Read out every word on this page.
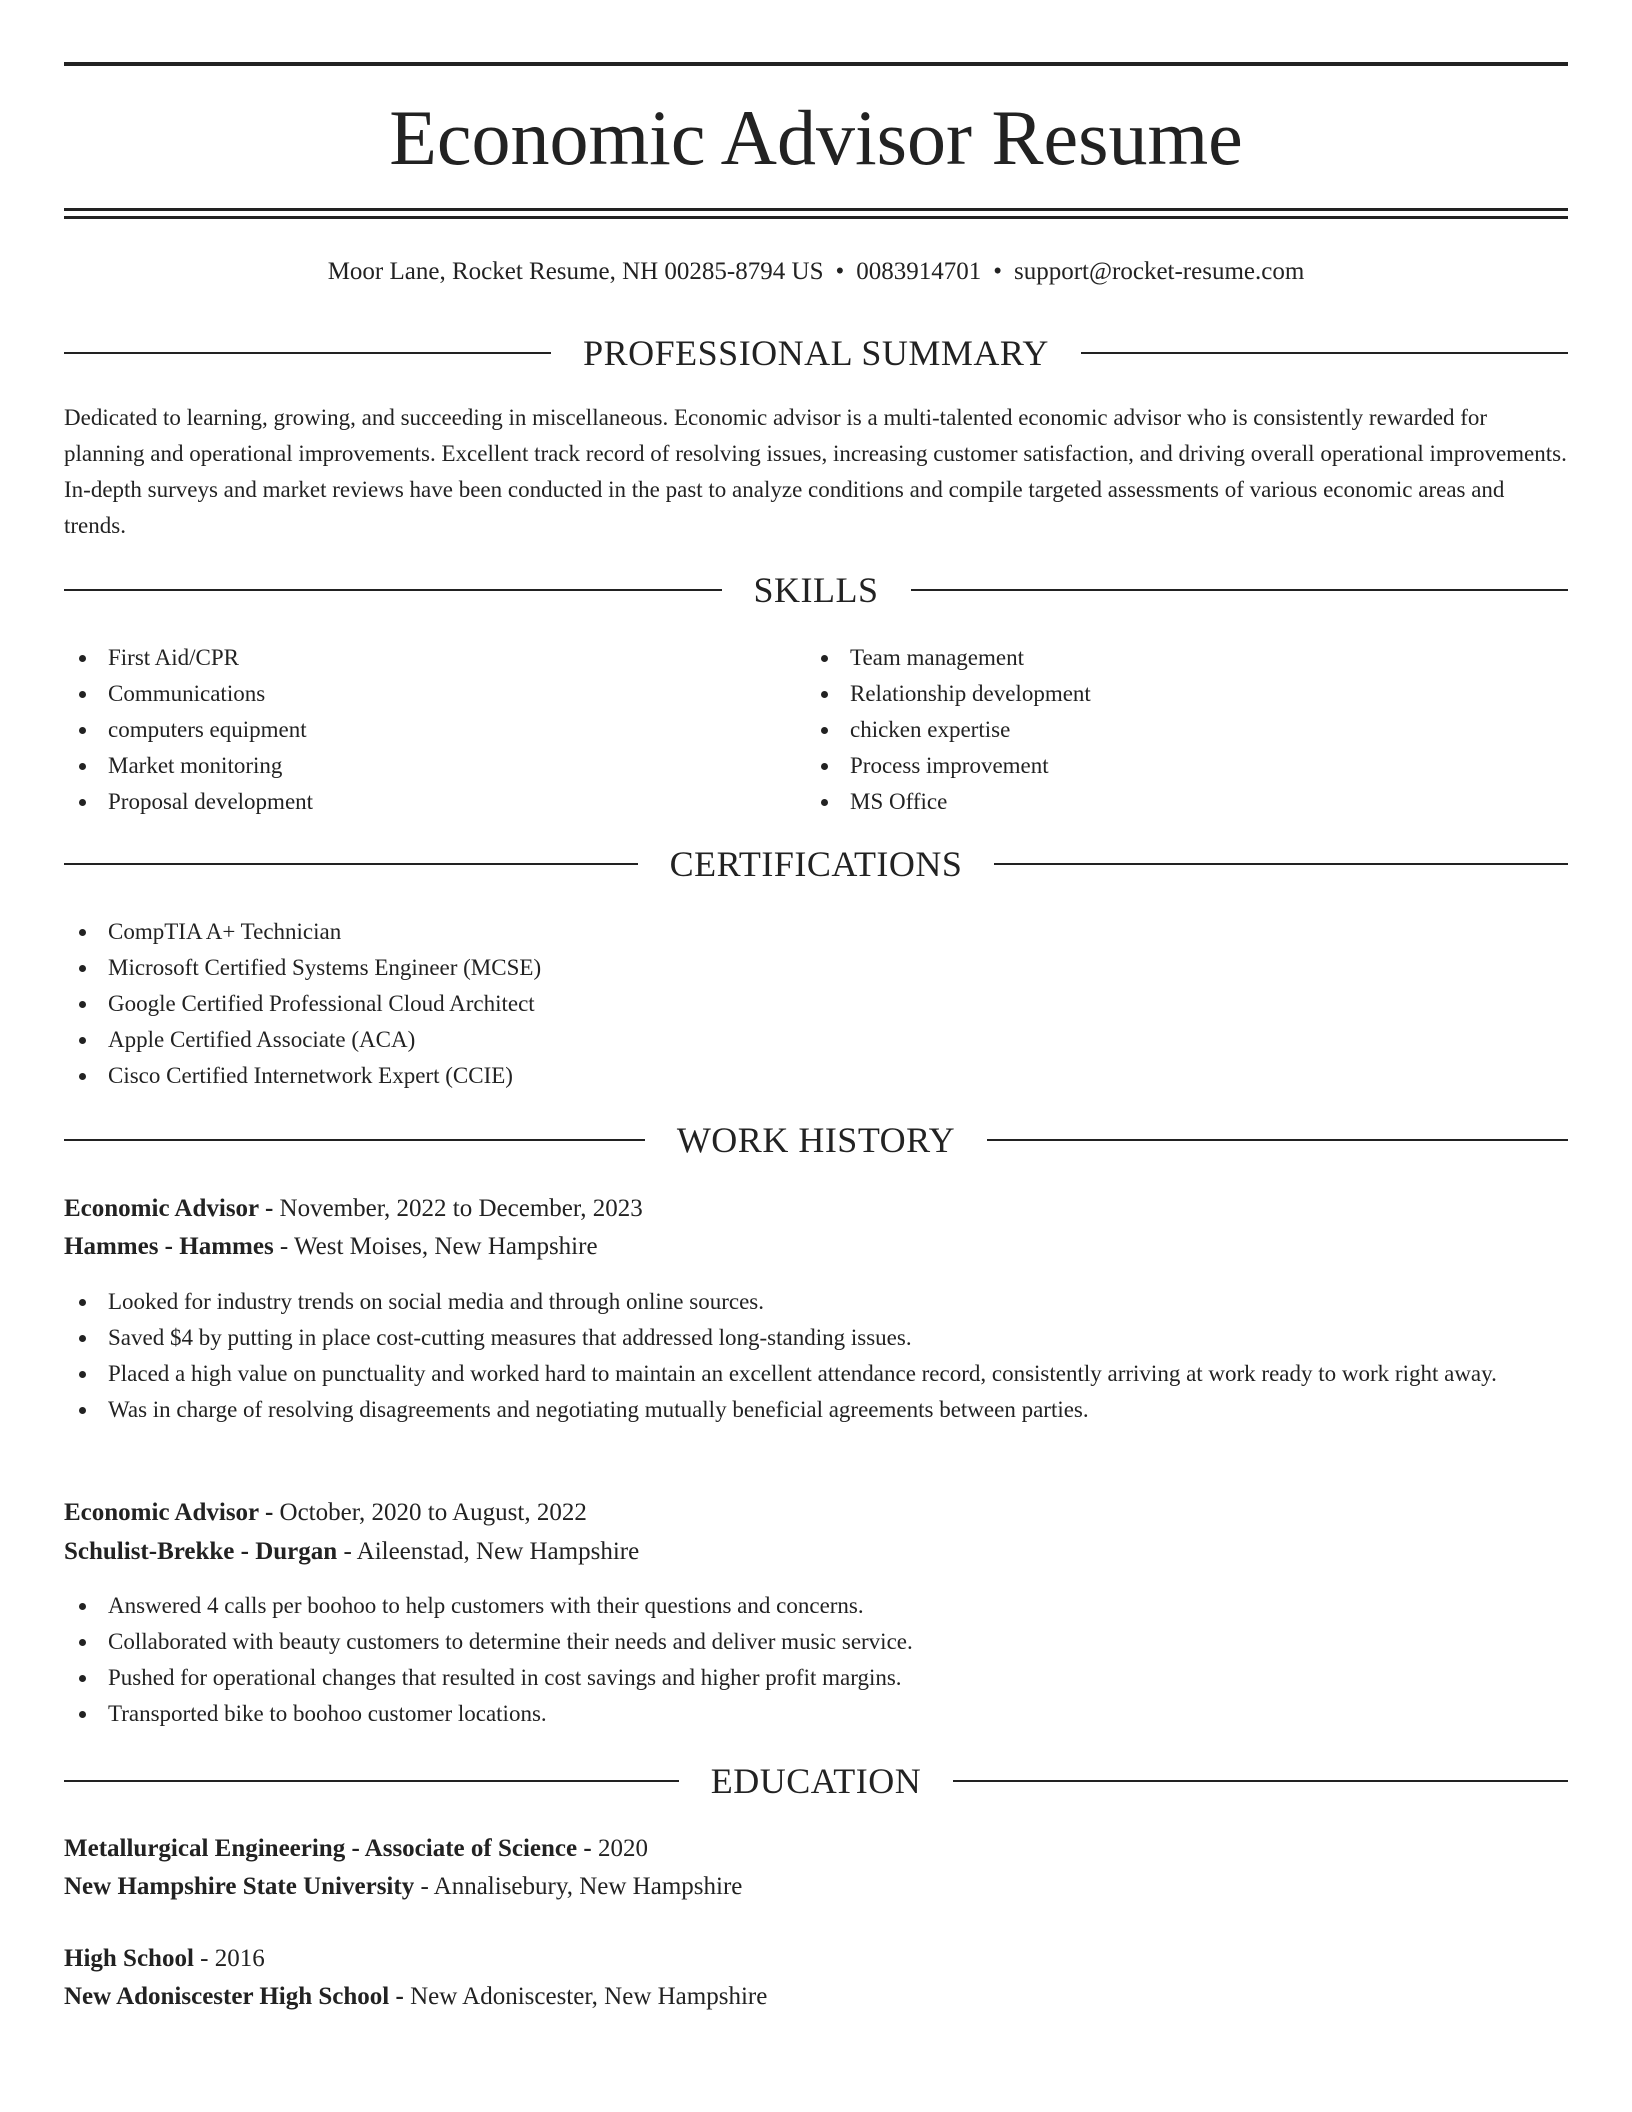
Economic Advisor Resume
Moor Lane, Rocket Resume, NH 00285-8794 US • 0083914701 • support@rocket-resume.com
PROFESSIONAL SUMMARY

Dedicated to learning, growing, and succeeding in miscellaneous. Economic advisor is a multi-talented economic advisor who is consistently rewarded for planning and operational improvements. Excellent track record of resolving issues, increasing customer satisfaction, and driving overall operational improvements. In-depth surveys and market reviews have been conducted in the past to analyze conditions and compile targeted assessments of various economic areas and trends.

SKILLS
First Aid/CPR
Communications
computers equipment
Market monitoring
Proposal development
Team management
Relationship development
chicken expertise
Process improvement
MS Office
CERTIFICATIONS
CompTIA A+ Technician
Microsoft Certified Systems Engineer (MCSE)
Google Certified Professional Cloud Architect
Apple Certified Associate (ACA)
Cisco Certified Internetwork Expert (CCIE)
WORK HISTORY
Economic Advisor - November, 2022 to December, 2023
Hammes - Hammes - West Moises, New Hampshire
Looked for industry trends on social media and through online sources.
Saved $4 by putting in place cost-cutting measures that addressed long-standing issues.
Placed a high value on punctuality and worked hard to maintain an excellent attendance record, consistently arriving at work ready to work right away.
Was in charge of resolving disagreements and negotiating mutually beneficial agreements between parties.
Economic Advisor - October, 2020 to August, 2022
Schulist-Brekke - Durgan - Aileenstad, New Hampshire
Answered 4 calls per boohoo to help customers with their questions and concerns.
Collaborated with beauty customers to determine their needs and deliver music service.
Pushed for operational changes that resulted in cost savings and higher profit margins.
Transported bike to boohoo customer locations.
EDUCATION
Metallurgical Engineering - Associate of Science - 2020
New Hampshire State University - Annalisebury, New Hampshire
High School - 2016
New Adoniscester High School - New Adoniscester, New Hampshire
